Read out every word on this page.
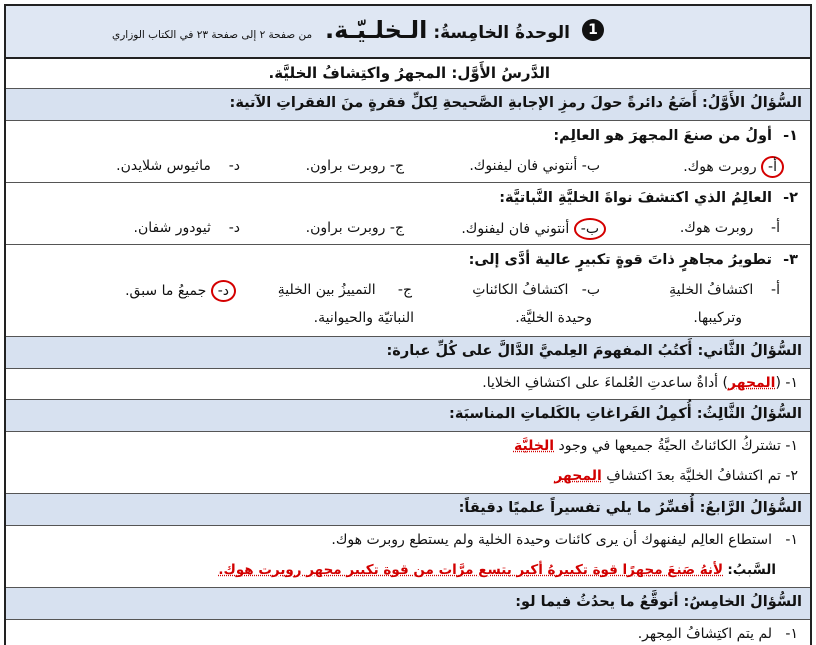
1
الوحدةُ الخامِسةُ: الـخلـيّـة.
من صفحة ٢ إلى صفحة ٢٣ في الكتاب الوزاري
الدَّرسُ الأَوَّل: المجهرُ واكتِشافُ الخليَّة.
السُّؤالُ الأَوَّلُ: أَضَعُ دائرةً حولَ رمزِ الإجابةِ الصَّحيحةِ لِكلِّ فقرةٍ منَ الفقراتِ الآتية:
١-
أولُ من صنعَ المجهرَ هو العالِم:
أ- روبرت هوك.
ب- أنتوني فان ليفنوك.
ج- روبرت براون.
د-    ماثيوس شلايدن.
٢-
العالِمُ الذي اكتشفَ نواةَ الخليَّةِ النَّباتيَّة:
أ-    روبرت هوك.
ب- أنتوني فان ليفنوك.
ج- روبرت براون.
د-    ثيودور شفان.
٣-
تطويرُ مجاهرٍ ذاتَ قوةٍ تكبيرٍ عالية أدَّى إلى:
أ-    اكتشافُ الخليةِ
وتركيبها.
ب-   اكتشافُ الكائناتِ
وحيدة الخليَّة.
ج-     التمييزُ بين الخليةِ
النباتيّة والحيوانية.
د- جميعُ ما سبق.
السُّؤالُ الثَّاني: أَكتُبُ المفهومَ العِلميَّ الدَّالَّ على كُلِّ عبارة:
١- (المجهر) أداةٌ ساعدتِ العُلماءَ على اكتشافِ الخلايا.
السُّؤالُ الثَّالِثُ: أُكمِلُ الفَراغاتِ بالكَلماتِ المناسبَة:
١- تشتركُ الكائناتُ الحيَّةُ جميعها في وجود الخليَّة
٢- تم اكتشافُ الخليَّة بعدَ اكتشافِ المجهر
السُّؤالُ الرَّابعُ: أُفسِّرُ ما يلي تفسيراً علميًا دقيقاً:
١-   استطاع العالِم ليفنهوك أن يرى كائنات وحيدة الخلية ولم يستطع روبرت هوك.
السَّببُ: لأنهُ صَنعَ مجهرًا قوة تكبيرهُ أكبر بتسع مرَّات من قوة تكبير مجهر روبرت هوك.
السُّؤالُ الخامِسُ: أتوقَّعُ ما يحدُثُ فيما لو:
١-   لم يتم اكتِشافُ المِجهر.
